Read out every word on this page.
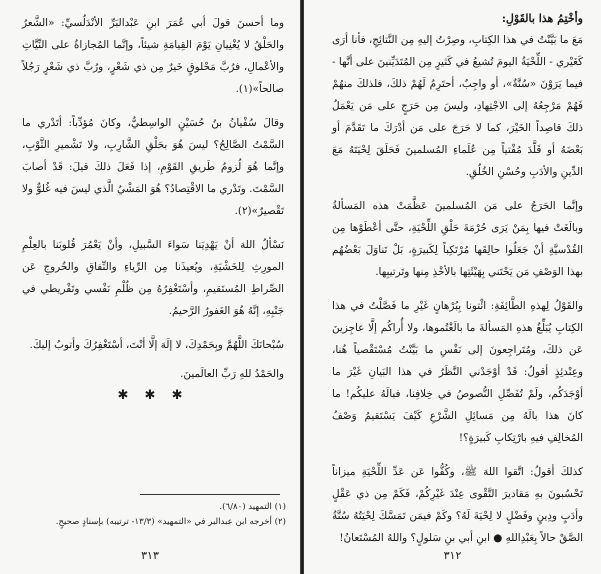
وما أحسنَ قولَ أبي عُمَرَ ابنِ عَبْدالبَرِّ الأنْدَلُسيِّ: «الشَّعرُ والحَلْقُ لا يُغْنِيانِ يَوْمَ القِيامَةِ شيئاً، وإنَّما المُجازاةُ على النِّيَّاتِ والأعْمالِ، فرُبَّ مَحْلوقٍ خَيرٌ مِن ذي شَعْرٍ، ورُبَّ ذي شَعْرٍ رَجُلاً صالحاً»(١).

وقالَ سُفْيانُ بنُ حُسَيْنٍ الواسِطيُّ، وكانَ مُؤدِّباً: أتَدْري ما السَّمْتُ الصَّالِحُ؟ ليسَ هُوَ بحَلْقِ الشَّارِبِ، ولا تَشْميرِ الثَّوْبِ، وإنَّما هُوَ لُزومُ طَريقِ القَوْمِ، إذا فَعَلَ ذلكَ قيلَ: قَدْ أصابَ السَّمْتَ. وتَدْري ما الاقْتِصادُ؟ هُوَ المَشْيُ الَّذي ليسَ فيه غُلوٌّ ولا تَقْصيرٌ»(٢).

نَسْألُ اللهَ أنْ يَهْدِيَنا سَواءَ السَّبيلِ، وأنْ يَعْمُرَ قُلوبَنا بالعِلْمِ المورِثِ لِلخَشْيَةِ، ويُعيذَنا مِن الرِّياءِ والنِّفاقِ والخُروجِ عَن الصِّراطِ المُستَقيمِ، وأسْتَغْفِرُهُ مِن ظُلْمِ نَفْسي وتَفْريطي في جَنْبِهِ، إنَّهُ هُوَ الغَفورُ الرَّحيمُ.

سُبْحانَكَ اللَّهُمَّ وبِحَمْدِكَ، لا إلَهَ إلَّا أنْتَ، أسْتَغْفِرُكَ وأتوبُ إليكَ.

والحَمْدُ للهِ رَبِّ العالَمينَ.
✱ ✱ ✱
(١) التمهيد (٦/٨٠).
(٢) أخرجه ابن عبدالبر في «التمهيد» (١٣/٣- ترتيبه) بإسنادٍ صحيحٍ.
٣١٣
وأخْتِمُ هذا بالقَوْلِ:

مَعَ ما بَيَّنْتُ في هذا الكِتابِ، وصِرْتُ إليهِ مِن النَّتائِجِ، فأنا أرَى كَغَيْري - اللِّحْيَةُ اليومَ تُشيعُ في كَثيرٍ مِن المُتَدَيِّنينَ على أنَّها - فيما يَرَوْنَ «سُنَّةٌ»، أو واجِبٌ، أحتَرِمُ لَهُمْ ذلكَ، فلذلكَ منهُمْ فَهُمْ مَرْجِعُهُ إلى الاجْتِهادِ، وليسَ مِن حَرَجٍ على مَن يَعْمَلُ ذلكَ قاصِداً الخَيْرَ، كما لا حَرَجَ على مَن أدْرَكَ ما تَقَدَّمَ أو بَعْضَهُ أو قَلَّدَ مُفْتياً مِن عُلَماءِ المُسلمينَ فَحَلَقَ لِحْيَتَهُ مَعَ الدِّينِ والأدَبِ وحُسْنِ الخُلُقِ.

وإنَّما الحَرَجُ على مَن المُسلمينَ عَظَّمَتْ هذه المَسألةُ وبالَغَتْ فيها بِمَنْ يَرَى حُرْمَةَ حَلْقِ اللِّحْيَةِ، حتَّى أعْطَوْها مِن القُدْسيَّةِ أنْ جَعَلُوا حالِقَها مُرْتَكِباً لِكَبيرَةٍ، بَلْ تَناوَلَ بَعْضُهُم بهذا الوَصْفِ مَن يَحْتَني بِهَيْئَتِها بالأخْذِ مِنها وتَرتيبِها.

والقَوْلُ لِهذهِ الطَّائِفَةِ: ائْتونا بِبُرْهانٍ غَيْرِ ما فَصَّلْتُ في هذا الكِتابِ يُبَلِّغُ هذهِ المَسألةَ ما بالَغْتُموها، ولا أُراكُم إلَّا عاجِزينَ عَن ذلكَ، ومُتَراجِعونَ إلى نَفْسِ ما بَيَّنْتُ مُسْتَقْصياً هُنا، وعِنْدئِذٍ أقولُ: قَدْ أوْجَدْني النَّظَرُ في هذا البَيانِ غَيْرَ ما أوْجَدَكُم، ولَمْ تُفَصِّلِ النُّصوصُ في خِلافِنا، فبالَهُ عليكُم! ما كانَ هذا بالَهُ مِن مَسائِلِ الشَّرْعِ كَيْفَ يَسْتَقيمُ وَصْفُ المُخالِفِ فيهِ بارْتِكابِ كَبيرَةٍ؟!

كذلكَ أقولُ: اتَّقوا اللهَ ﷺ، وكُفُّوا عَن عَدِّ اللِّحْيَةِ ميزاناً تَحْسُبونَ بهِ مَقاديرَ التَّقْوى عِنْدَ غَيْرِكُمْ، فَكَمْ مِن ذي عَقْلٍ وأدَبٍ ودِينٍ وفَضْلٍ لا لِحْيَةَ لَهُ؟ وكَمْ فيمَن تَمَسَّكَ لِحْيَتُهُ سُنَّةُ الصَّقْ حالاً بِعَبْدِاللهِ ● ابنِ أبي بنِ سَلولٍ؟ واللهُ المُسْتَعانُ!

٣١٢
